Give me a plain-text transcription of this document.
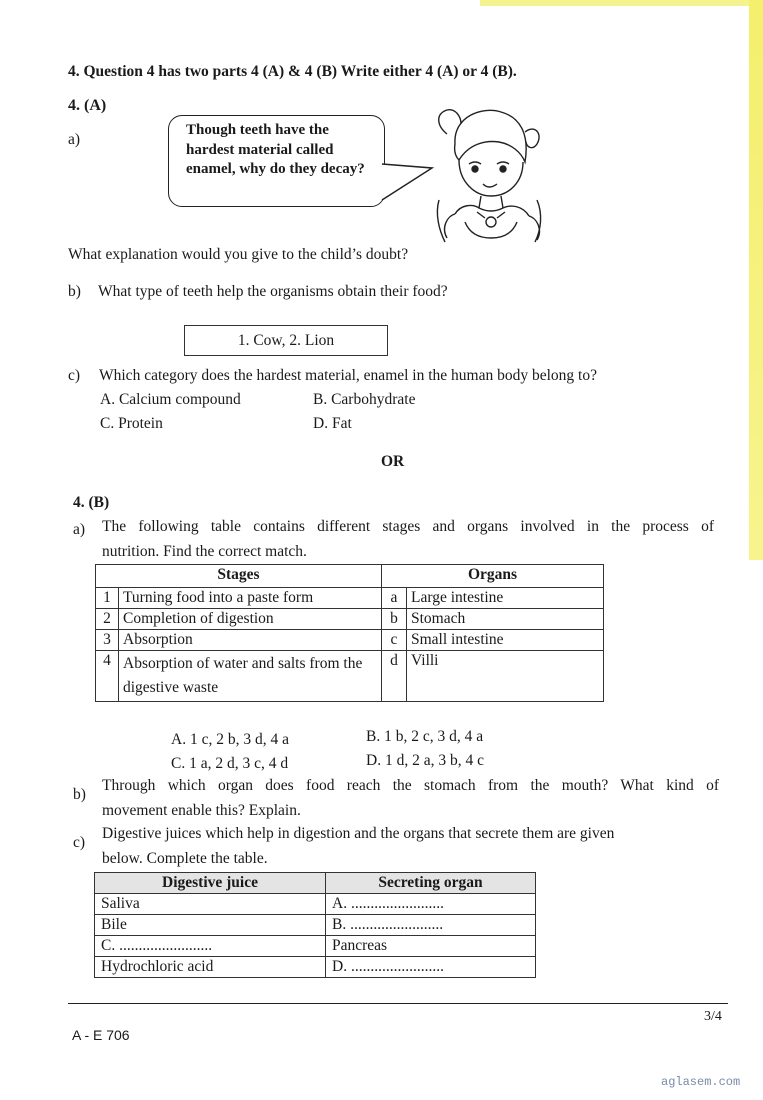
4. Question 4 has two parts 4 (A) & 4 (B) Write either 4 (A) or 4 (B).
4. (A)
a)
Though teeth have the hardest material called enamel, why do they decay?
What explanation would you give to the child’s doubt?
b) What type of teeth help the organisms obtain their food?
1. Cow, 2. Lion
c) Which category does the hardest material, enamel in the human body belong to?
A. Calcium compound	B. Carbohydrate
C. Protein	D. Fat
OR
4. (B)
a) The following table contains different stages and organs involved in the process of
nutrition. Find the correct match.
Stages		Organs	
1	Turning food into a paste form	a	Large intestine
2	Completion of digestion	b	Stomach
3	Absorption	c	Small intestine
4	Absorption of water and salts from the digestive waste	d	Villi
A. 1 c, 2 b, 3 d, 4 a	B. 1 b, 2 c, 3 d, 4 a
C. 1 a, 2 d, 3 c, 4 d	D. 1 d, 2 a, 3 b, 4 c
b)
Through which organ does food reach the stomach from the mouth? What kind of
movement enable this? Explain.
c)
Digestive juices which help in digestion and the organs that secrete them are given
below. Complete the table.
Digestive juice	Secreting organ
Saliva	A. ........................
Bile	B. ........................
C. ........................	Pancreas
Hydrochloric acid	D. ........................
3/4
A - E 706
aglasem.com
